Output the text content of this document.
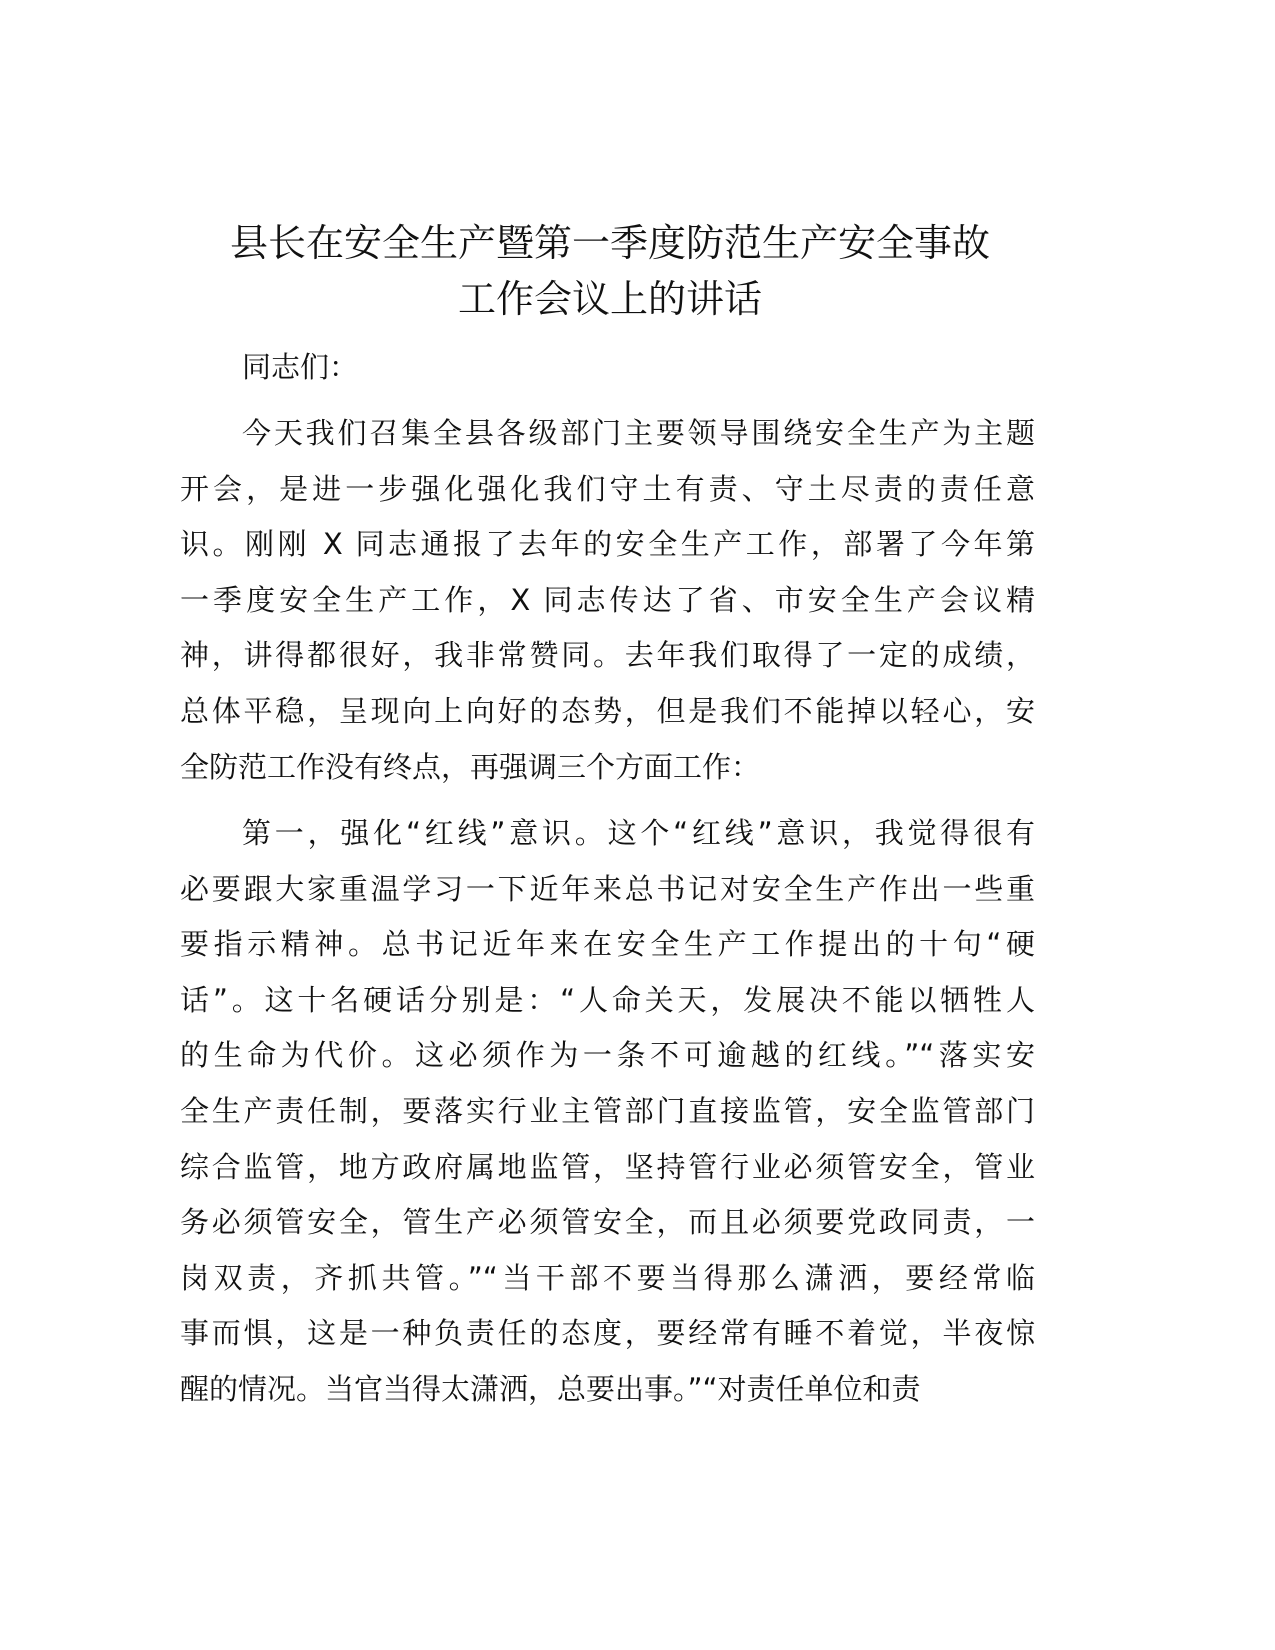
县长在安全生产暨第一季度防范生产安全事故
工作会议上的讲话
同志们：
今天我们召集全县各级部门主要领导围绕安全生产为主题
开会，是进一步强化强化我们守土有责、守土尽责的责任意
识。刚刚 X 同志通报了去年的安全生产工作，部署了今年第
一季度安全生产工作，X 同志传达了省、市安全生产会议精
神，讲得都很好，我非常赞同。去年我们取得了一定的成绩，
总体平稳，呈现向上向好的态势，但是我们不能掉以轻心，安
全防范工作没有终点，再强调三个方面工作：
第一，强化“红线”意识。这个“红线”意识，我觉得很有
必要跟大家重温学习一下近年来总书记对安全生产作出一些重
要指示精神。总书记近年来在安全生产工作提出的十句“硬
话”。这十名硬话分别是：“人命关天，发展决不能以牺牲人
的生命为代价。这必须作为一条不可逾越的红线。”“落实安
全生产责任制，要落实行业主管部门直接监管，安全监管部门
综合监管，地方政府属地监管，坚持管行业必须管安全，管业
务必须管安全，管生产必须管安全，而且必须要党政同责，一
岗双责，齐抓共管。”“当干部不要当得那么潇洒，要经常临
事而惧，这是一种负责任的态度，要经常有睡不着觉，半夜惊
醒的情况。当官当得太潇洒，总要出事。”“对责任单位和责
